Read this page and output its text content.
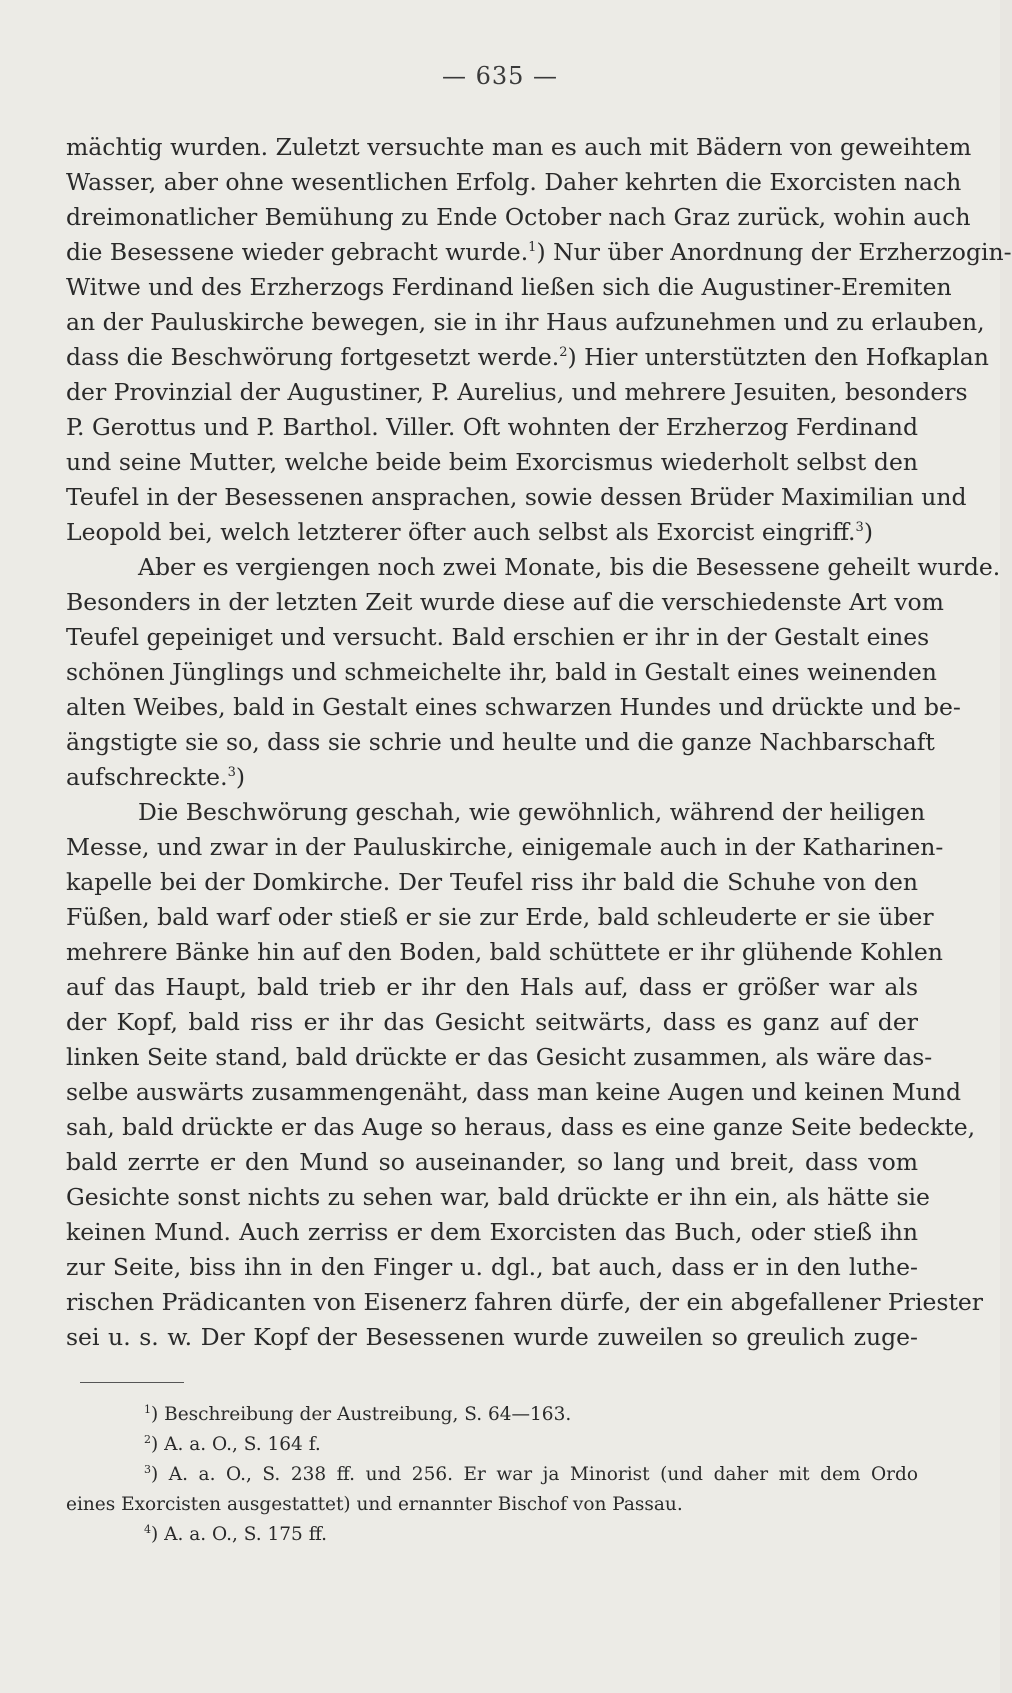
— 635 —
mächtig wurden. Zuletzt versuchte man es auch mit Bädern von geweihtem
Wasser, aber ohne wesentlichen Erfolg. Daher kehrten die Exorcisten nach
dreimonatlicher Bemühung zu Ende October nach Graz zurück, wohin auch
die Besessene wieder gebracht wurde.$^1$) Nur über Anordnung der Erzherzogin-
Witwe und des Erzherzogs Ferdinand ließen sich die Augustiner-Eremiten
an der Pauluskirche bewegen, sie in ihr Haus aufzunehmen und zu erlauben,
dass die Beschwörung fortgesetzt werde.$^2$) Hier unterstützten den Hofkaplan
der Provinzial der Augustiner, P. Aurelius, und mehrere Jesuiten, besonders
P. Gerottus und P. Barthol. Viller. Oft wohnten der Erzherzog Ferdinand
und seine Mutter, welche beide beim Exorcismus wiederholt selbst den
Teufel in der Besessenen ansprachen, sowie dessen Brüder Maximilian und
Leopold bei, welch letzterer öfter auch selbst als Exorcist eingriff.$^3$)
Aber es vergiengen noch zwei Monate, bis die Besessene geheilt wurde.
Besonders in der letzten Zeit wurde diese auf die verschiedenste Art vom
Teufel gepeiniget und versucht. Bald erschien er ihr in der Gestalt eines
schönen Jünglings und schmeichelte ihr, bald in Gestalt eines weinenden
alten Weibes, bald in Gestalt eines schwarzen Hundes und drückte und be-
ängstigte sie so, dass sie schrie und heulte und die ganze Nachbarschaft
aufschreckte.$^3$)
Die Beschwörung geschah, wie gewöhnlich, während der heiligen
Messe, und zwar in der Pauluskirche, einigemale auch in der Katharinen-
kapelle bei der Domkirche. Der Teufel riss ihr bald die Schuhe von den
Füßen, bald warf oder stieß er sie zur Erde, bald schleuderte er sie über
mehrere Bänke hin auf den Boden, bald schüttete er ihr glühende Kohlen
auf das Haupt, bald trieb er ihr den Hals auf, dass er größer war als
der Kopf, bald riss er ihr das Gesicht seitwärts, dass es ganz auf der
linken Seite stand, bald drückte er das Gesicht zusammen, als wäre das-
selbe auswärts zusammengenäht, dass man keine Augen und keinen Mund
sah, bald drückte er das Auge so heraus, dass es eine ganze Seite bedeckte,
bald zerrte er den Mund so auseinander, so lang und breit, dass vom
Gesichte sonst nichts zu sehen war, bald drückte er ihn ein, als hätte sie
keinen Mund. Auch zerriss er dem Exorcisten das Buch, oder stieß ihn
zur Seite, biss ihn in den Finger u. dgl., bat auch, dass er in den luthe-
rischen Prädicanten von Eisenerz fahren dürfe, der ein abgefallener Priester
sei u. s. w. Der Kopf der Besessenen wurde zuweilen so greulich zuge-
$^1$) Beschreibung der Austreibung, S. 64—163.
$^2$) A. a. O., S. 164 f.
$^3$) A. a. O., S. 238 ff. und 256. Er war ja Minorist (und daher mit dem Ordo
eines Exorcisten ausgestattet) und ernannter Bischof von Passau.
$^4$) A. a. O., S. 175 ff.
